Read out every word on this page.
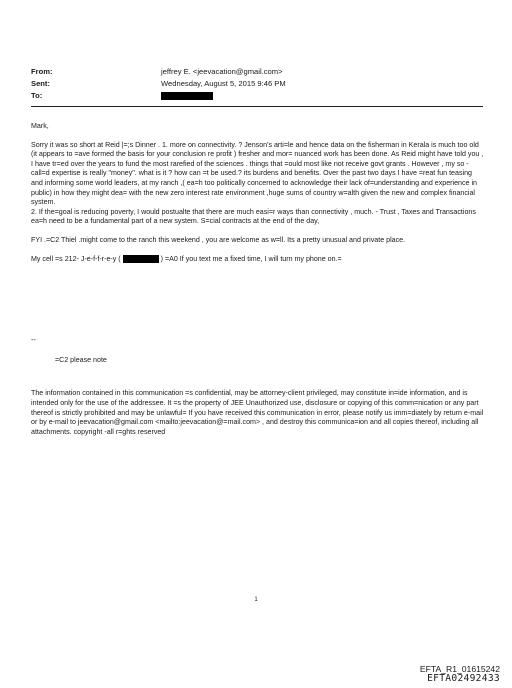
From:	jeffrey E. <jeevacation@gmail.com>
Sent:	Wednesday, August 5, 2015 9:46 PM
To:

Mark,

Sorry it was so short at Reid |=;s Dinner . 1. more on connectivity. ? Jenson's arti=le and hence data on the fisherman in Kerala is much too old (it appears to =ave formed the basis for your conclusion re profit ) fresher and mor= nuanced work has been done. As Reid might have told you , I have tr=ed over the years to fund the most rarefied of the sciences . things that =ould most like not receive govt grants . However , my so -call=d expertise is really "money". what is it ? how can =t be used.? its burdens and benefits. Over the past two days I have =reat fun teasing and informing some world leaders, at my ranch ,( ea=h too politically concerned to acknowledge their lack of=understanding and experience in public) in how they might dea= with the new zero interest rate environment ,huge sums of country w=alth given the new and complex financial system.

2. If the=goal is reducing poverty, I would postualte that there are much easi=r ways than connectivity , much. - Trust , Taxes and Transactions ea=h need to be a fundamental part of a new system. S=cial contracts at the end of the day,

FYI .=C2 Thiel .might come to the ranch this weekend , you are welcome as w=ll. Its a pretty unusual and private place.

My cell =s 212- J-e-f-f-r-e-y (	) =A0 If you text me a fixed time, I will turn my phone on.=

--

=C2 please note

The information contained in this communication =s confidential, may be attorney-client privileged, may constitute in=ide information, and is intended only for the use of the addressee. It =s the property of JEE Unauthorized use, disclosure or copying of this comm=nication or any part thereof is strictly prohibited and may be unlawful= If you have received this communication in error, please notify us imm=diately by return e-mail or by e-mail to jeevacation@gmail.com <mailto:jeevacation@=mail.com> , and destroy this communica=ion and all copies thereof, including all attachments. copyright -all r=ghts reserved

1
EFTA_R1_01615242
EFTA02492433
